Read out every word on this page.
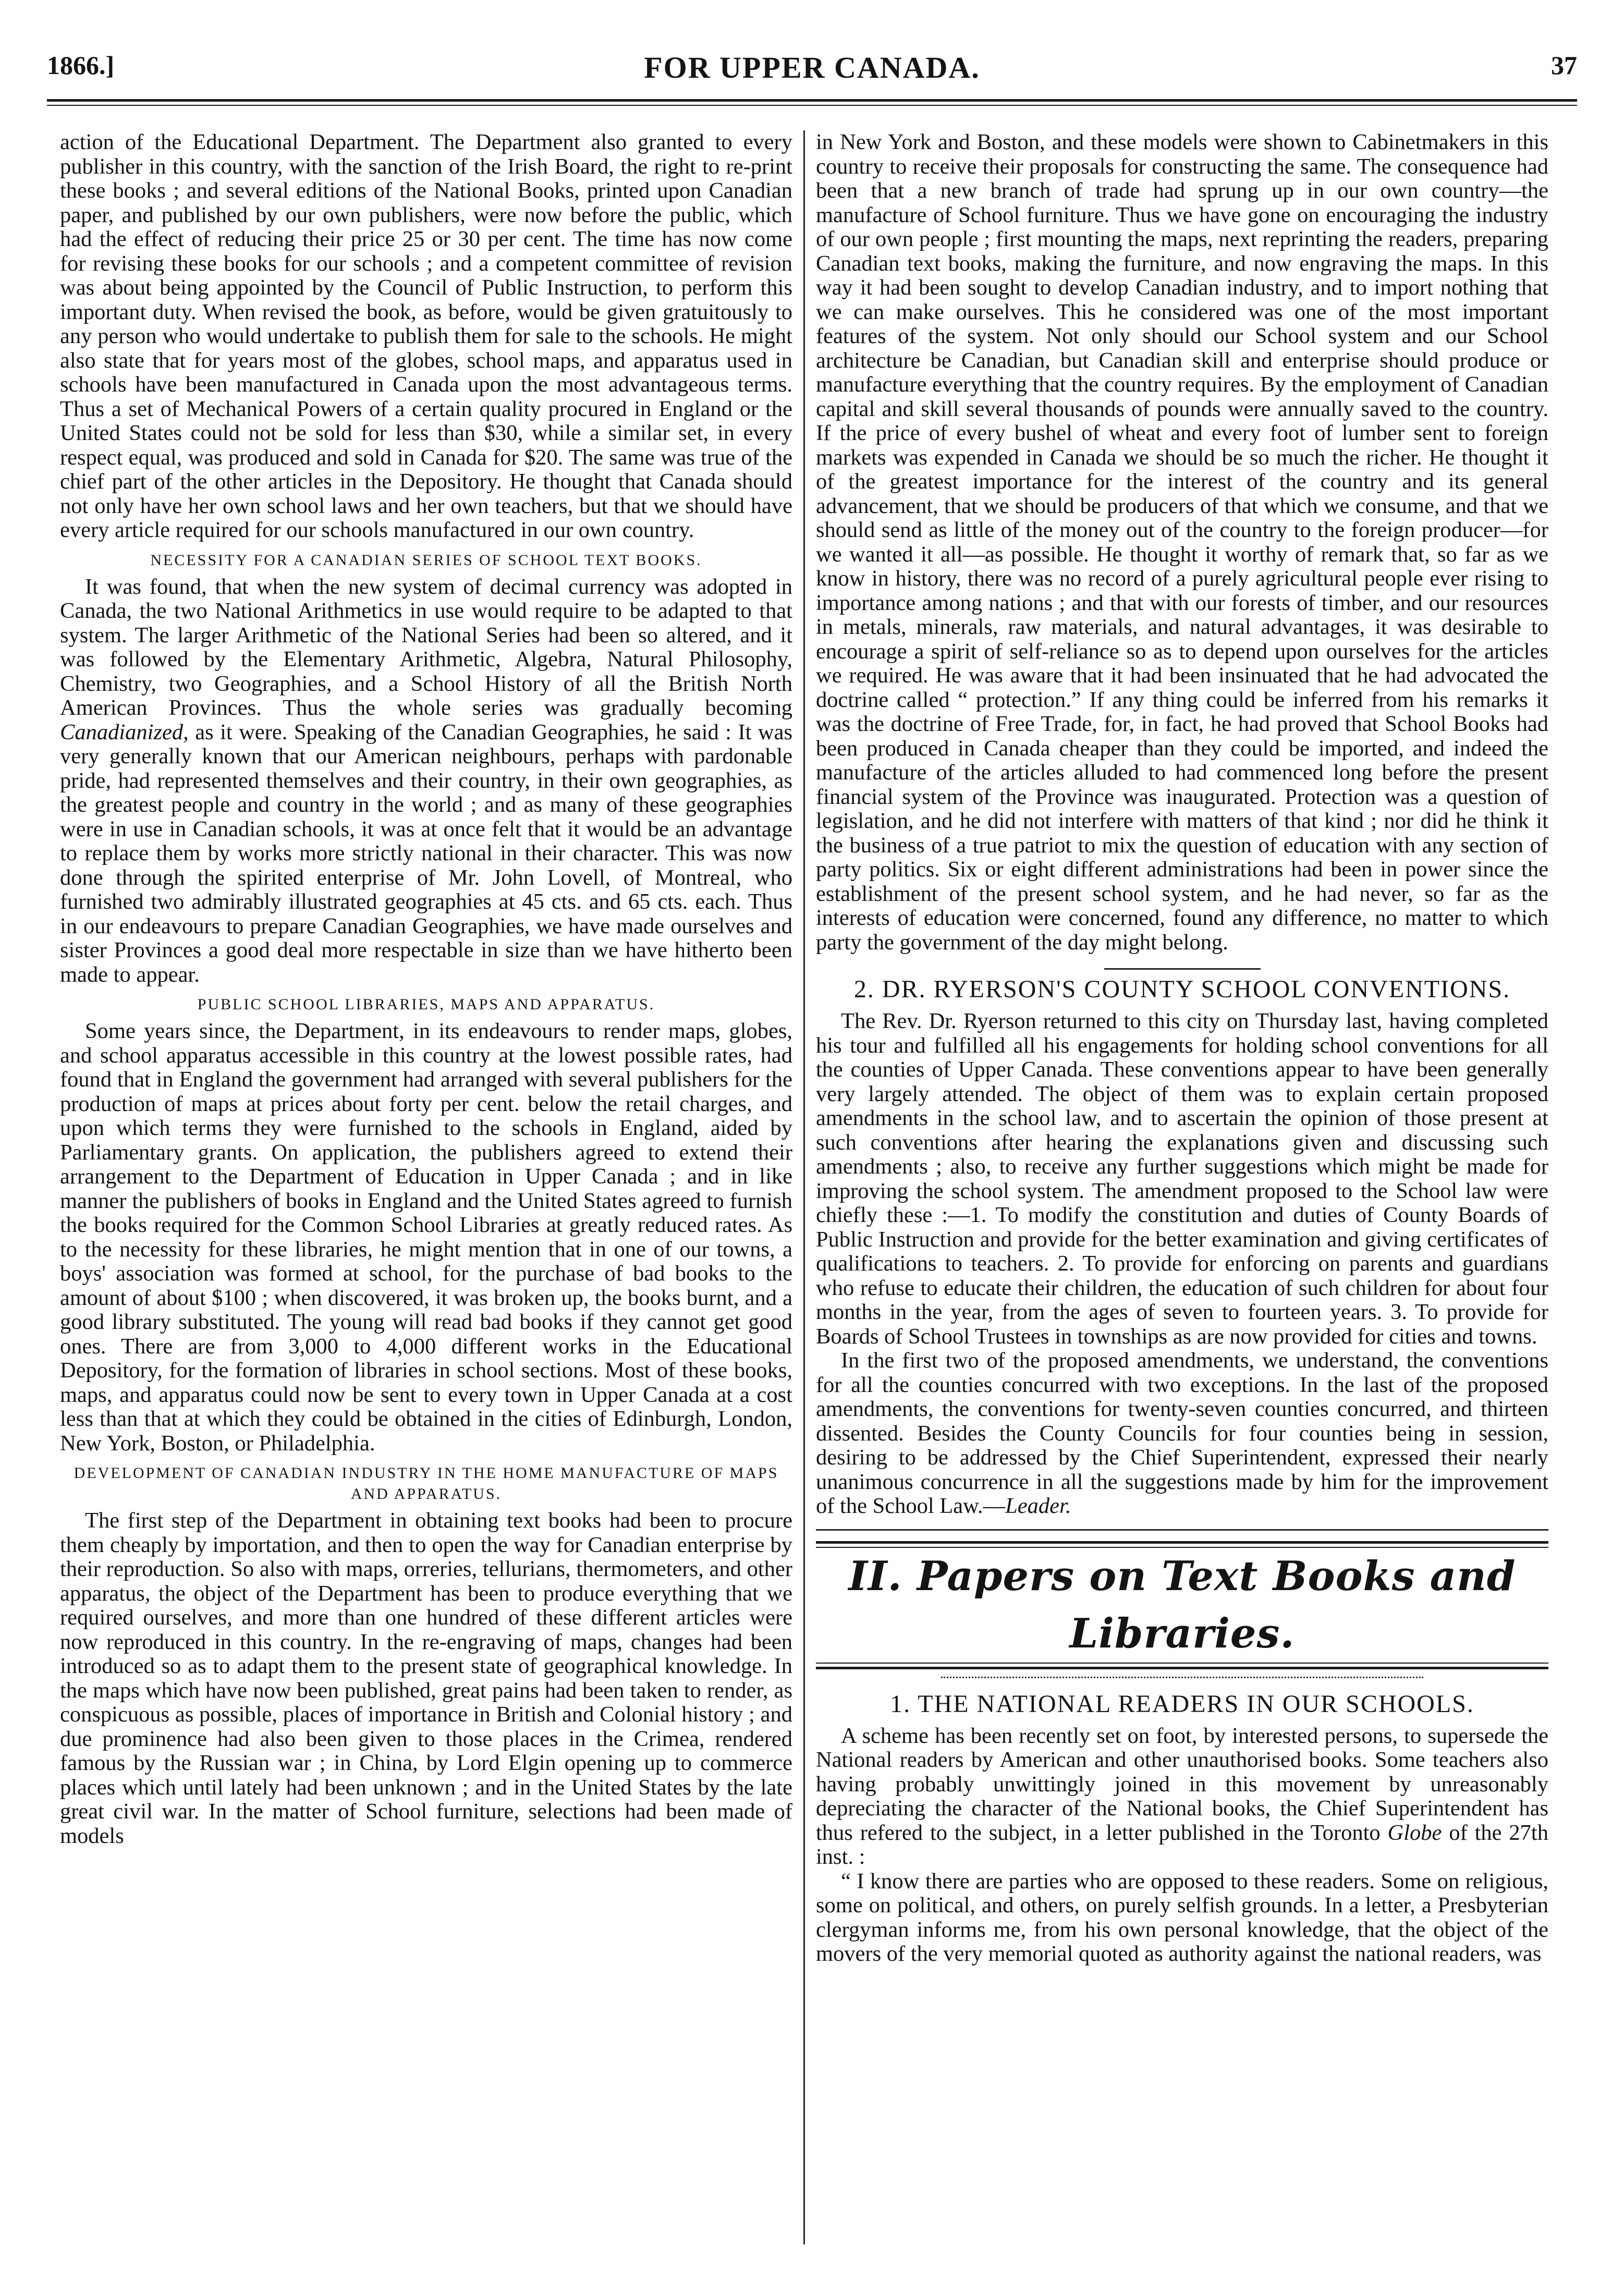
1866.]	FOR UPPER CANADA.	37

action of the Educational Department. The Department also granted to every publisher in this country, with the sanction of the Irish Board, the right to re-print these books ; and several editions of the National Books, printed upon Canadian paper, and published by our own publishers, were now before the public, which had the effect of reducing their price 25 or 30 per cent. The time has now come for revising these books for our schools ; and a competent committee of revision was about being appointed by the Council of Public Instruction, to perform this important duty. When revised the book, as before, would be given gratuitously to any person who would undertake to publish them for sale to the schools. He might also state that for years most of the globes, school maps, and apparatus used in schools have been manufactured in Canada upon the most advantageous terms. Thus a set of Mechanical Powers of a certain quality procured in England or the United States could not be sold for less than $30, while a similar set, in every respect equal, was produced and sold in Canada for $20. The same was true of the chief part of the other articles in the Depository. He thought that Canada should not only have her own school laws and her own teachers, but that we should have every article required for our schools manufactured in our own country.

NECESSITY FOR A CANADIAN SERIES OF SCHOOL TEXT BOOKS.

It was found, that when the new system of decimal currency was adopted in Canada, the two National Arithmetics in use would require to be adapted to that system. The larger Arithmetic of the National Series had been so altered, and it was followed by the Elementary Arithmetic, Algebra, Natural Philosophy, Chemistry, two Geographies, and a School History of all the British North American Provinces. Thus the whole series was gradually becoming Canadianized, as it were. Speaking of the Canadian Geographies, he said : It was very generally known that our American neighbours, perhaps with pardonable pride, had represented themselves and their country, in their own geographies, as the greatest people and country in the world ; and as many of these geographies were in use in Canadian schools, it was at once felt that it would be an advantage to replace them by works more strictly national in their character. This was now done through the spirited enterprise of Mr. John Lovell, of Montreal, who furnished two admirably illustrated geographies at 45 cts. and 65 cts. each. Thus in our endeavours to prepare Canadian Geographies, we have made ourselves and sister Provinces a good deal more respectable in size than we have hitherto been made to appear.

PUBLIC SCHOOL LIBRARIES, MAPS AND APPARATUS.

Some years since, the Department, in its endeavours to render maps, globes, and school apparatus accessible in this country at the lowest possible rates, had found that in England the government had arranged with several publishers for the production of maps at prices about forty per cent. below the retail charges, and upon which terms they were furnished to the schools in England, aided by Parliamentary grants. On application, the publishers agreed to extend their arrangement to the Department of Education in Upper Canada ; and in like manner the publishers of books in England and the United States agreed to furnish the books required for the Common School Libraries at greatly reduced rates. As to the necessity for these libraries, he might mention that in one of our towns, a boys' association was formed at school, for the purchase of bad books to the amount of about $100 ; when discovered, it was broken up, the books burnt, and a good library substituted. The young will read bad books if they cannot get good ones. There are from 3,000 to 4,000 different works in the Educational Depository, for the formation of libraries in school sections. Most of these books, maps, and apparatus could now be sent to every town in Upper Canada at a cost less than that at which they could be obtained in the cities of Edinburgh, London, New York, Boston, or Philadelphia.

DEVELOPMENT OF CANADIAN INDUSTRY IN THE HOME MANUFACTURE OF MAPS AND APPARATUS.

The first step of the Department in obtaining text books had been to procure them cheaply by importation, and then to open the way for Canadian enterprise by their reproduction. So also with maps, orreries, tellurians, thermometers, and other apparatus, the object of the Department has been to produce everything that we required ourselves, and more than one hundred of these different articles were now reproduced in this country. In the re-engraving of maps, changes had been introduced so as to adapt them to the present state of geographical knowledge. In the maps which have now been published, great pains had been taken to render, as conspicuous as possible, places of importance in British and Colonial history ; and due prominence had also been given to those places in the Crimea, rendered famous by the Russian war ; in China, by Lord Elgin opening up to commerce places which until lately had been unknown ; and in the United States by the late great civil war. In the matter of School furniture, selections had been made of models

in New York and Boston, and these models were shown to Cabinetmakers in this country to receive their proposals for constructing the same. The consequence had been that a new branch of trade had sprung up in our own country—the manufacture of School furniture. Thus we have gone on encouraging the industry of our own people ; first mounting the maps, next reprinting the readers, preparing Canadian text books, making the furniture, and now engraving the maps. In this way it had been sought to develop Canadian industry, and to import nothing that we can make ourselves. This he considered was one of the most important features of the system. Not only should our School system and our School architecture be Canadian, but Canadian skill and enterprise should produce or manufacture everything that the country requires. By the employment of Canadian capital and skill several thousands of pounds were annually saved to the country. If the price of every bushel of wheat and every foot of lumber sent to foreign markets was expended in Canada we should be so much the richer. He thought it of the greatest importance for the interest of the country and its general advancement, that we should be producers of that which we consume, and that we should send as little of the money out of the country to the foreign producer—for we wanted it all—as possible. He thought it worthy of remark that, so far as we know in history, there was no record of a purely agricultural people ever rising to importance among nations ; and that with our forests of timber, and our resources in metals, minerals, raw materials, and natural advantages, it was desirable to encourage a spirit of self-reliance so as to depend upon ourselves for the articles we required. He was aware that it had been insinuated that he had advocated the doctrine called “ protection.” If any thing could be inferred from his remarks it was the doctrine of Free Trade, for, in fact, he had proved that School Books had been produced in Canada cheaper than they could be imported, and indeed the manufacture of the articles alluded to had commenced long before the present financial system of the Province was inaugurated. Protection was a question of legislation, and he did not interfere with matters of that kind ; nor did he think it the business of a true patriot to mix the question of education with any section of party politics. Six or eight different administrations had been in power since the establishment of the present school system, and he had never, so far as the interests of education were concerned, found any difference, no matter to which party the government of the day might belong.

2. DR. RYERSON'S COUNTY SCHOOL CONVENTIONS.

The Rev. Dr. Ryerson returned to this city on Thursday last, having completed his tour and fulfilled all his engagements for holding school conventions for all the counties of Upper Canada. These conventions appear to have been generally very largely attended. The object of them was to explain certain proposed amendments in the school law, and to ascertain the opinion of those present at such conventions after hearing the explanations given and discussing such amendments ; also, to receive any further suggestions which might be made for improving the school system. The amendment proposed to the School law were chiefly these :—1. To modify the constitution and duties of County Boards of Public Instruction and provide for the better examination and giving certificates of qualifications to teachers. 2. To provide for enforcing on parents and guardians who refuse to educate their children, the education of such children for about four months in the year, from the ages of seven to fourteen years. 3. To provide for Boards of School Trustees in townships as are now provided for cities and towns.

In the first two of the proposed amendments, we understand, the conventions for all the counties concurred with two exceptions. In the last of the proposed amendments, the conventions for twenty-seven counties concurred, and thirteen dissented. Besides the County Councils for four counties being in session, desiring to be addressed by the Chief Superintendent, expressed their nearly unanimous concurrence in all the suggestions made by him for the improvement of the School Law.—Leader.

II. Papers on Text Books and Libraries.
1. THE NATIONAL READERS IN OUR SCHOOLS.

A scheme has been recently set on foot, by interested persons, to supersede the National readers by American and other unauthorised books. Some teachers also having probably unwittingly joined in this movement by unreasonably depreciating the character of the National books, the Chief Superintendent has thus refered to the subject, in a letter published in the Toronto Globe of the 27th inst. :

“ I know there are parties who are opposed to these readers. Some on religious, some on political, and others, on purely selfish grounds. In a letter, a Presbyterian clergyman informs me, from his own personal knowledge, that the object of the movers of the very memorial quoted as authority against the national readers, was
